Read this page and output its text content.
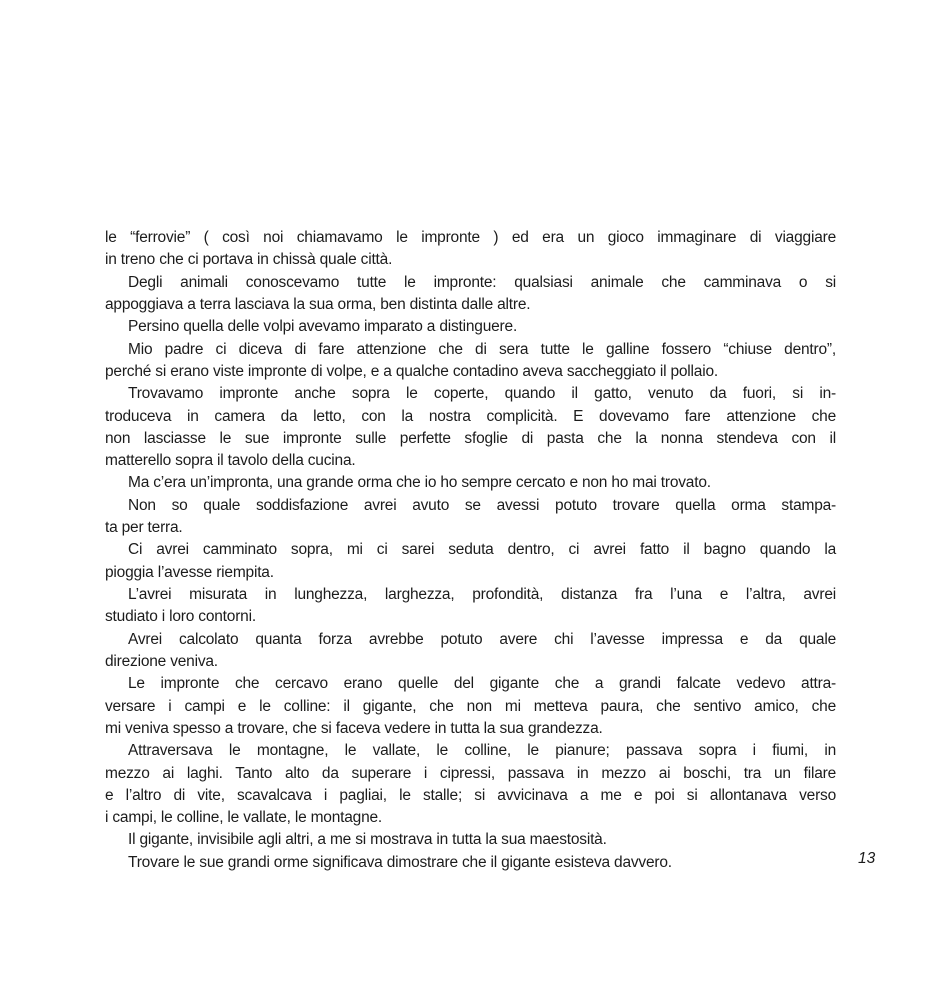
le “ferrovie” ( così noi chiamavamo le impronte ) ed era un gioco immaginare di viaggiare
in treno che ci portava in chissà quale città.
Degli animali conoscevamo tutte le impronte: qualsiasi animale che camminava o si
appoggiava a terra lasciava la sua orma, ben distinta dalle altre.
Persino quella delle volpi avevamo imparato a distinguere.
Mio padre ci diceva di fare attenzione che di sera tutte le galline fossero “chiuse dentro”,
perché si erano viste impronte di volpe, e a qualche contadino aveva saccheggiato il pollaio.
Trovavamo impronte anche sopra le coperte, quando il gatto, venuto da fuori, si in-
troduceva in camera da letto, con la nostra complicità. E dovevamo fare attenzione che
non lasciasse le sue impronte sulle perfette sfoglie di pasta che la nonna stendeva con il
matterello sopra il tavolo della cucina.
Ma c’era un’impronta, una grande orma che io ho sempre cercato e non ho mai trovato.
Non so quale soddisfazione avrei avuto se avessi potuto trovare quella orma stampa-
ta per terra.
Ci avrei camminato sopra, mi ci sarei seduta dentro, ci avrei fatto il bagno quando la
pioggia l’avesse riempita.
L’avrei misurata in lunghezza, larghezza, profondità, distanza fra l’una e l’altra, avrei
studiato i loro contorni.
Avrei calcolato quanta forza avrebbe potuto avere chi l’avesse impressa e da quale
direzione veniva.
Le impronte che cercavo erano quelle del gigante che a grandi falcate vedevo attra-
versare i campi e le colline: il gigante, che non mi metteva paura, che sentivo amico, che
mi veniva spesso a trovare, che si faceva vedere in tutta la sua grandezza.
Attraversava le montagne, le vallate, le colline, le pianure; passava sopra i fiumi, in
mezzo ai laghi. Tanto alto da superare i cipressi, passava in mezzo ai boschi, tra un filare
e l’altro di vite, scavalcava i pagliai, le stalle; si avvicinava a me e poi si allontanava verso
i campi, le colline, le vallate, le montagne.
Il gigante, invisibile agli altri, a me si mostrava in tutta la sua maestosità.
Trovare le sue grandi orme significava dimostrare che il gigante esisteva davvero.	13
